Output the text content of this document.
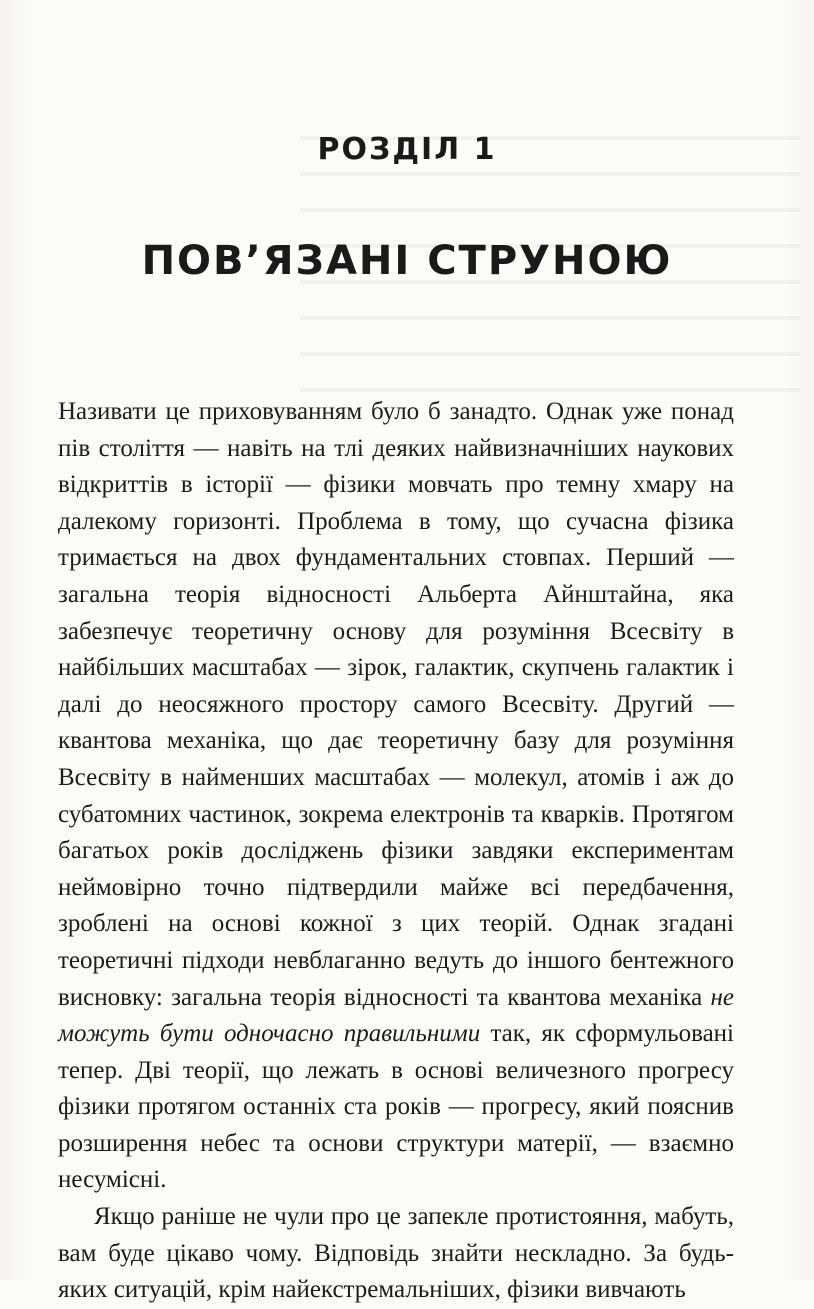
РОЗДІЛ 1
ПОВ’ЯЗАНІ СТРУНОЮ

Називати це приховуванням було б занадто. Однак уже понад пів століття — навіть на тлі деяких найвизначніших наукових відкриттів в історії — фізики мовчать про темну хмару на далекому горизонті. Проблема в тому, що сучасна фізика тримається на двох фундаментальних стовпах. Перший — загальна теорія відносності Альберта Айнштайна, яка забезпечує теоретичну основу для розуміння Всесвіту в найбільших масштабах — зірок, галактик, скупчень галактик і далі до неосяжного простору самого Всесвіту. Другий — квантова механіка, що дає теоретичну базу для розуміння Всесвіту в найменших масштабах — молекул, атомів і аж до субатомних частинок, зокрема електронів та кварків. Протягом багатьох років досліджень фізики завдяки експериментам неймовірно точно підтвердили майже всі передбачення, зроблені на основі кожної з цих теорій. Однак згадані теоретичні підходи невблаганно ведуть до іншого бентежного висновку: загальна теорія відносності та квантова механіка не можуть бути одночасно правильними так, як сформульовані тепер. Дві теорії, що лежать в основі величезного прогресу фізики протягом останніх ста років — прогресу, який пояснив розширення небес та основи структури матерії, — взаємно несумісні.

Якщо раніше не чули про це запекле протистояння, мабуть, вам буде цікаво чому. Відповідь знайти нескладно. За будь-яких ситуацій, крім найекстремальніших, фізики вивчають
